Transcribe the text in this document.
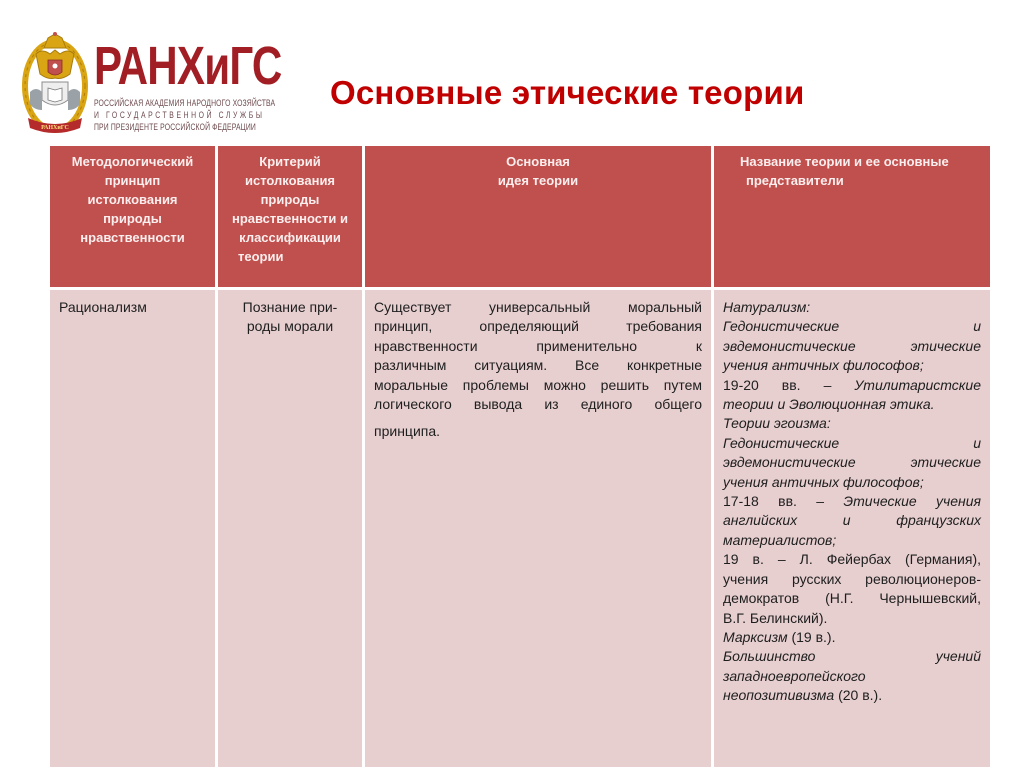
РАНХиГС
РАНХиГС
РОССИЙСКАЯ АКАДЕМИЯ НАРОДНОГО ХОЗЯЙСТВА
И ГОСУДАРСТВЕННОЙ СЛУЖБЫ
ПРИ ПРЕЗИДЕНТЕ РОССИЙСКОЙ ФЕДЕРАЦИИ
Основные этические теории
Методологический
принцип
истолкования
природы
нравственности
Критерий
истолкования
природы
нравственности и
классификации
теории
Основная
идея теории
Название теории и ее основные
представители
Рационализм	Познание при-
роды морали
Существует универсальный моральный
принцип, определяющий требования
нравственности применительно к
различным ситуациям. Все конкретные
моральные проблемы можно решить путем
логического вывода из единого общего
принципа.
Натурализм:
Гедонистические и
эвдемонистические этические
учения античных философов;
19-20 вв. – Утилитаристские
теории и Эволюционная этика.
Теории эгоизма:
Гедонистические и
эвдемонистические этические
учения античных философов;
17-18 вв. – Этические учения
английских и французских
материалистов;
19 в. – Л. Фейербах (Германия),
учения русских революционеров-
демократов (Н.Г. Чернышевский,
В.Г. Белинский).
Марксизм (19 в.).
Большинство учений
западноевропейского
неопозитивизма (20 в.).
